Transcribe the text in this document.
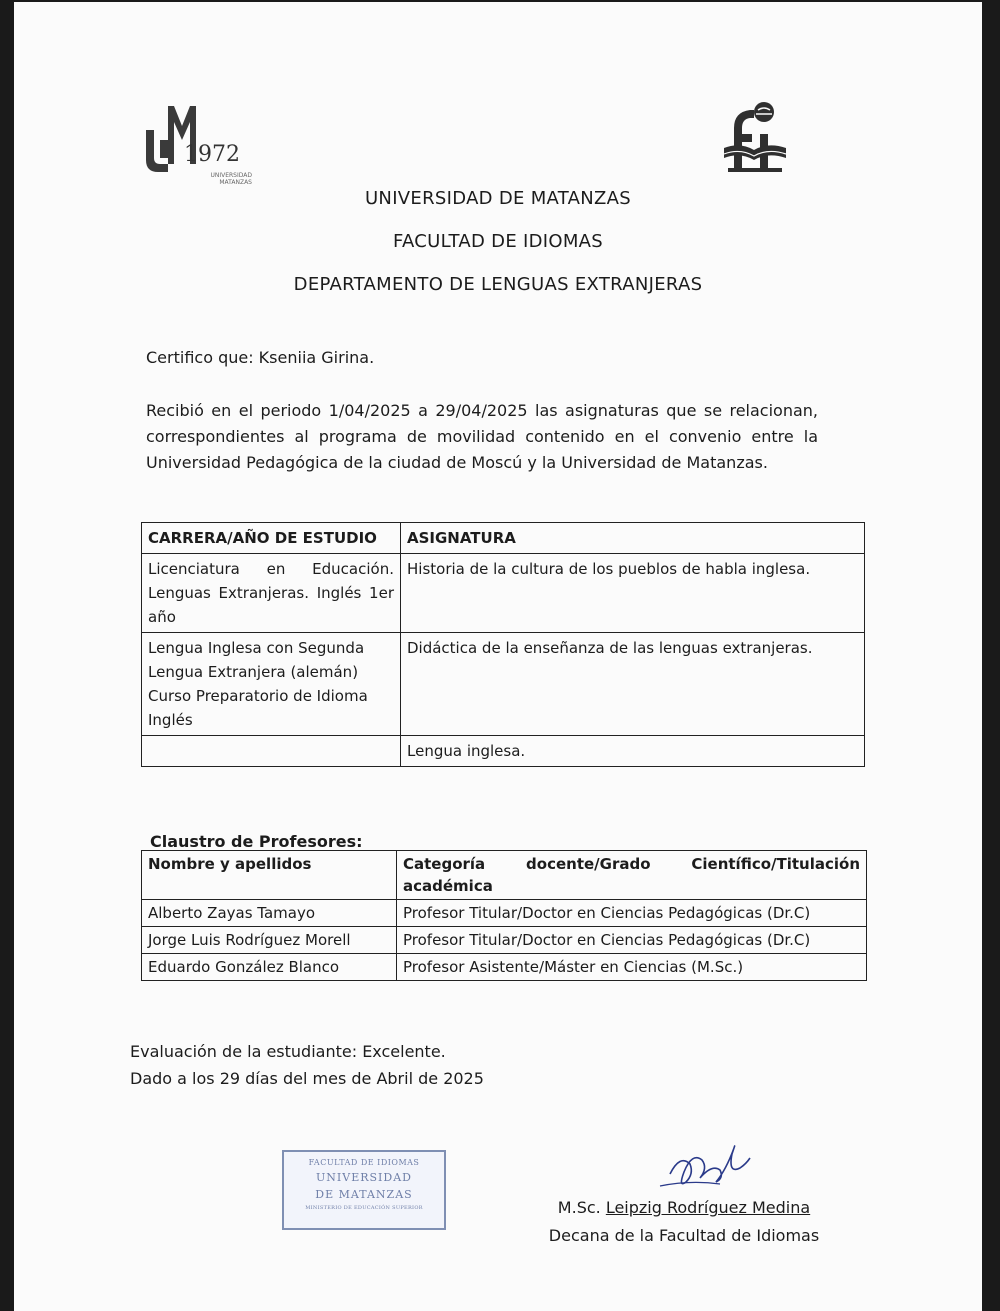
1972
UNIVERSIDAD
MATANZAS
UNIVERSIDAD DE MATANZAS
FACULTAD DE IDIOMAS
DEPARTAMENTO DE LENGUAS EXTRANJERAS
Certifico que: Kseniia Girina.
Recibió en el periodo 1/04/2025 a 29/04/2025 las asignaturas que se relacionan, correspondientes al programa de movilidad contenido en el convenio entre la Universidad Pedagógica de la ciudad de Moscú y la Universidad de Matanzas.
CARRERA/AÑO DE ESTUDIO	ASIGNATURA

Licenciatura en Educación. Lenguas Extranjeras. Inglés 1er año	Historia de la cultura de los pueblos de habla inglesa.
Lengua Inglesa con Segunda Lengua Extranjera (alemán) Curso Preparatorio de Idioma Inglés	Didáctica de la enseñanza de las lenguas extranjeras.
	Lengua inglesa.
Claustro de Profesores:
Nombre y apellidos	Categoría docente/Grado Científico/Titulación académica

Alberto Zayas Tamayo	Profesor Titular/Doctor en Ciencias Pedagógicas (Dr.C)
Jorge Luis Rodríguez Morell	Profesor Titular/Doctor en Ciencias Pedagógicas (Dr.C)
Eduardo González Blanco	Profesor Asistente/Máster en Ciencias (M.Sc.)
Evaluación de la estudiante: Excelente.
Dado a los 29 días del mes de Abril de 2025
FACULTAD DE IDIOMAS
UNIVERSIDAD
DE MATANZAS
MINISTERIO DE EDUCACIÓN SUPERIOR	M.Sc. Leipzig Rodríguez Medina
Decana de la Facultad de Idiomas
